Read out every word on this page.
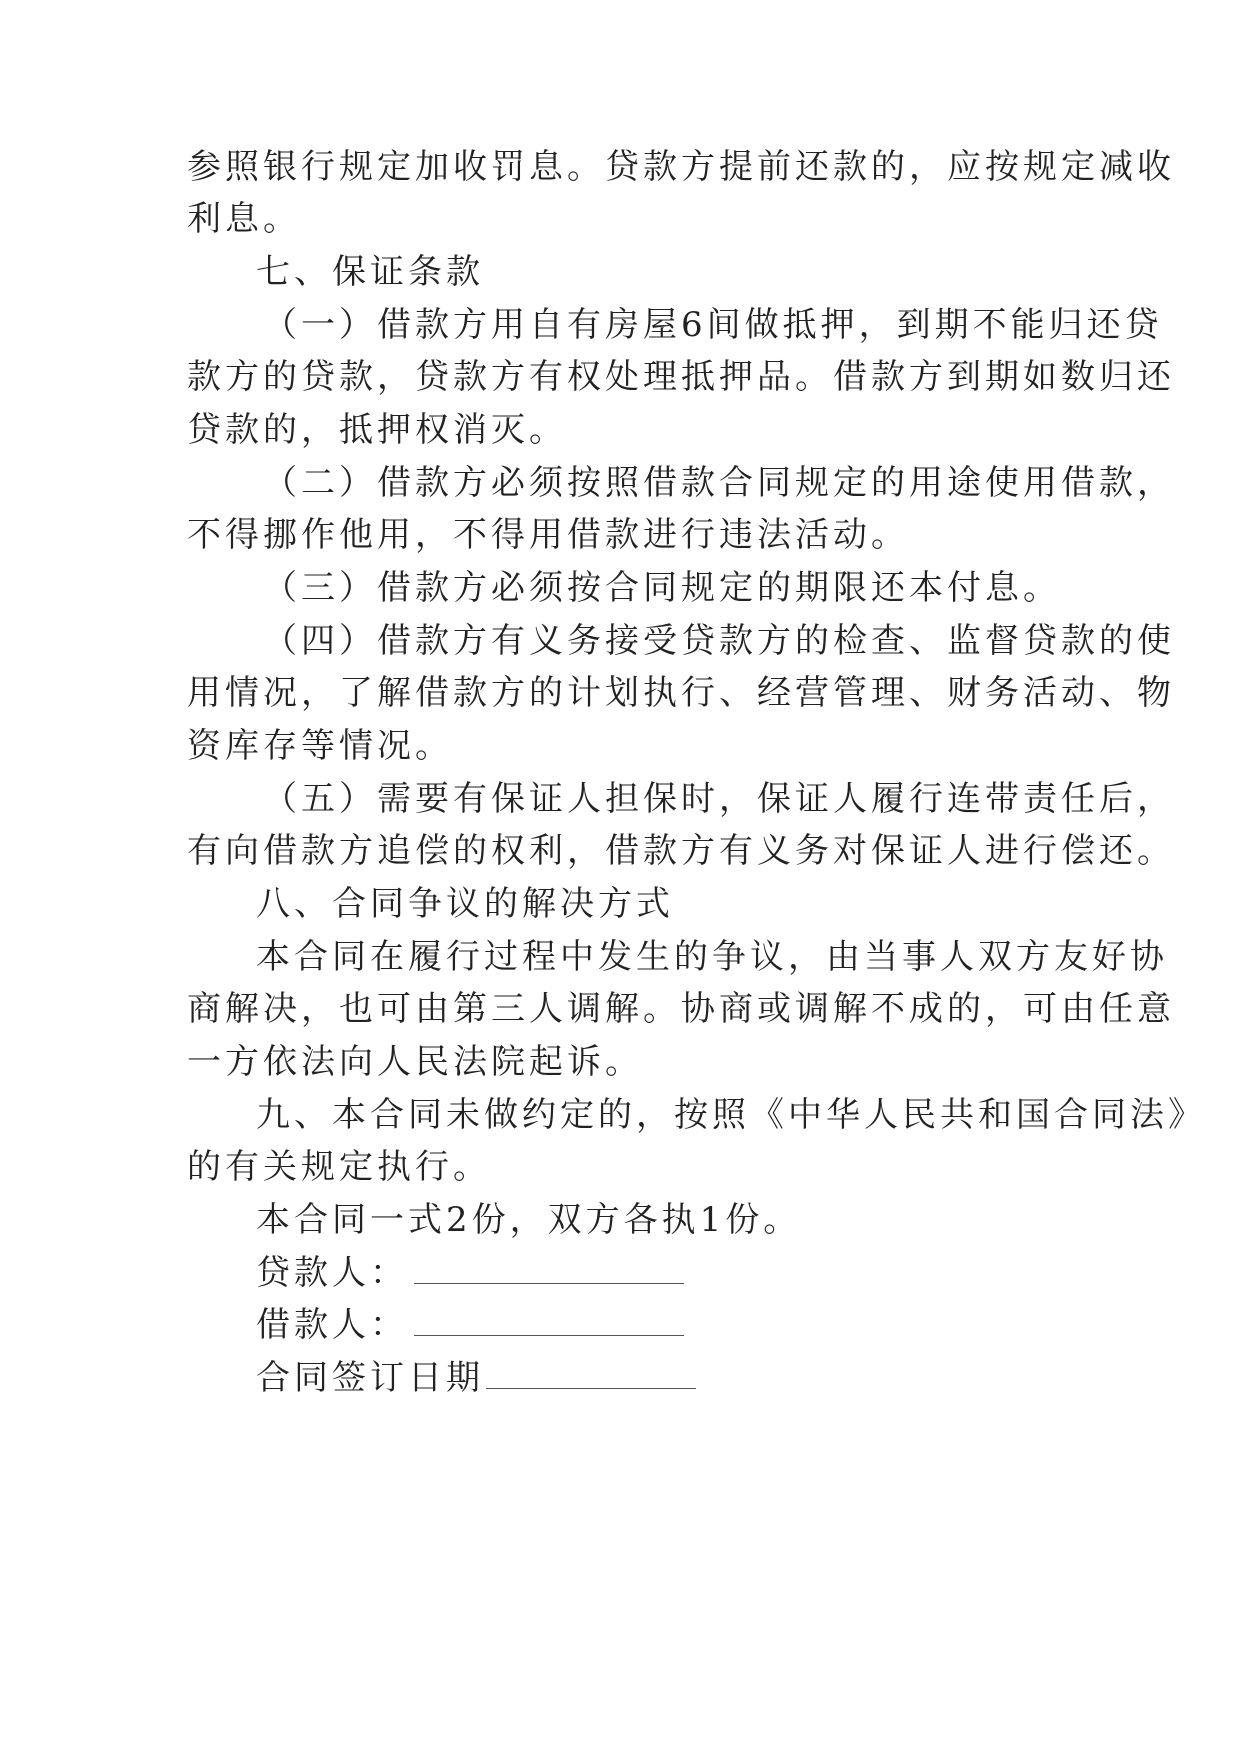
参照银行规定加收罚息。贷款方提前还款的，应按规定减收
利息。
七、保证条款
（一）借款方用自有房屋6间做抵押，到期不能归还贷
款方的贷款，贷款方有权处理抵押品。借款方到期如数归还
贷款的，抵押权消灭。
（二）借款方必须按照借款合同规定的用途使用借款，
不得挪作他用，不得用借款进行违法活动。
（三）借款方必须按合同规定的期限还本付息。
（四）借款方有义务接受贷款方的检查、监督贷款的使
用情况，了解借款方的计划执行、经营管理、财务活动、物
资库存等情况。
（五）需要有保证人担保时，保证人履行连带责任后，
有向借款方追偿的权利，借款方有义务对保证人进行偿还。
八、合同争议的解决方式
本合同在履行过程中发生的争议，由当事人双方友好协
商解决，也可由第三人调解。协商或调解不成的，可由任意
一方依法向人民法院起诉。
九、本合同未做约定的，按照《中华人民共和国合同法》
的有关规定执行。
本合同一式2份，双方各执1份。
贷款人：
借款人：
合同签订日期
